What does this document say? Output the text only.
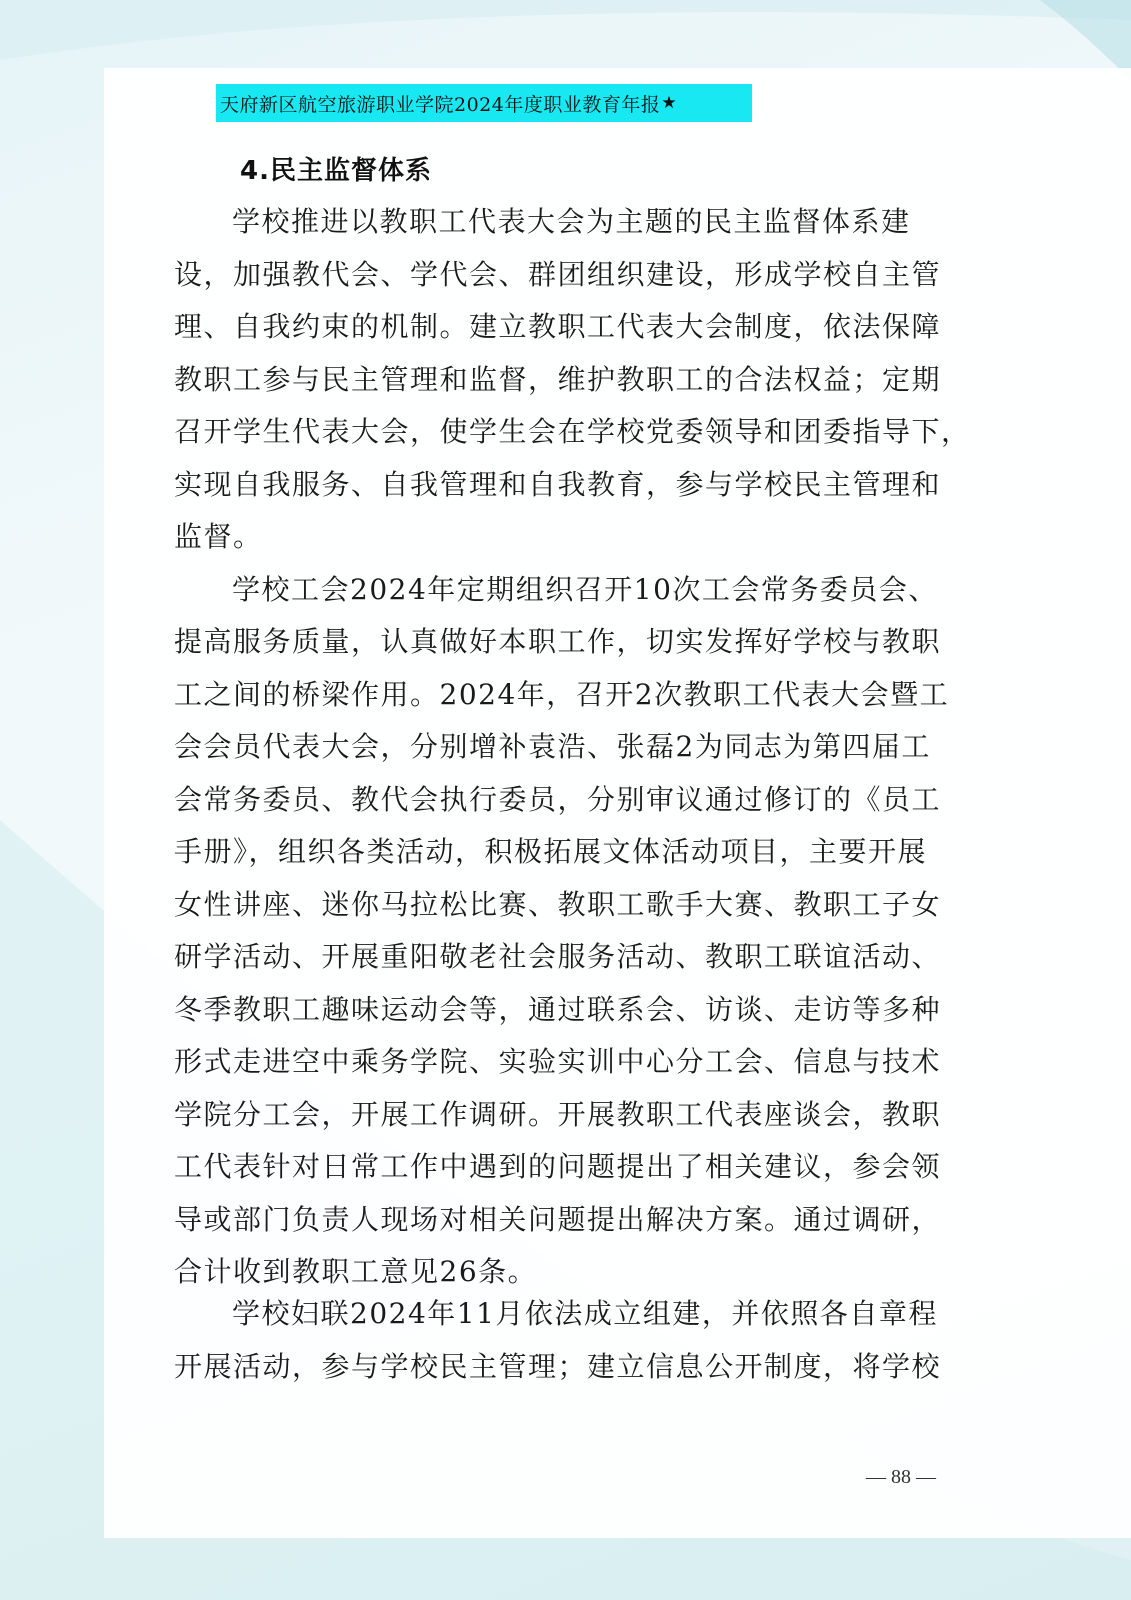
天府新区航空旅游职业学院2024年度职业教育年报 ★
4.民主监督体系
学校推进以教职工代表大会为主题的民主监督体系建
设，加强教代会、学代会、群团组织建设，形成学校自主管
理、自我约束的机制。建立教职工代表大会制度，依法保障
教职工参与民主管理和监督，维护教职工的合法权益；定期
召开学生代表大会，使学生会在学校党委领导和团委指导下，
实现自我服务、自我管理和自我教育，参与学校民主管理和
监督。
学校工会2024年定期组织召开10次工会常务委员会、
提高服务质量，认真做好本职工作，切实发挥好学校与教职
工之间的桥梁作用。2024年，召开2次教职工代表大会暨工
会会员代表大会，分别增补袁浩、张磊2为同志为第四届工
会常务委员、教代会执行委员，分别审议通过修订的《员工
手册》，组织各类活动，积极拓展文体活动项目，主要开展
女性讲座、迷你马拉松比赛、教职工歌手大赛、教职工子女
研学活动、开展重阳敬老社会服务活动、教职工联谊活动、
冬季教职工趣味运动会等，通过联系会、访谈、走访等多种
形式走进空中乘务学院、实验实训中心分工会、信息与技术
学院分工会，开展工作调研。开展教职工代表座谈会，教职
工代表针对日常工作中遇到的问题提出了相关建议，参会领
导或部门负责人现场对相关问题提出解决方案。通过调研，
合计收到教职工意见26条。
学校妇联2024年11月依法成立组建，并依照各自章程
开展活动，参与学校民主管理；建立信息公开制度，将学校
— 88 —
